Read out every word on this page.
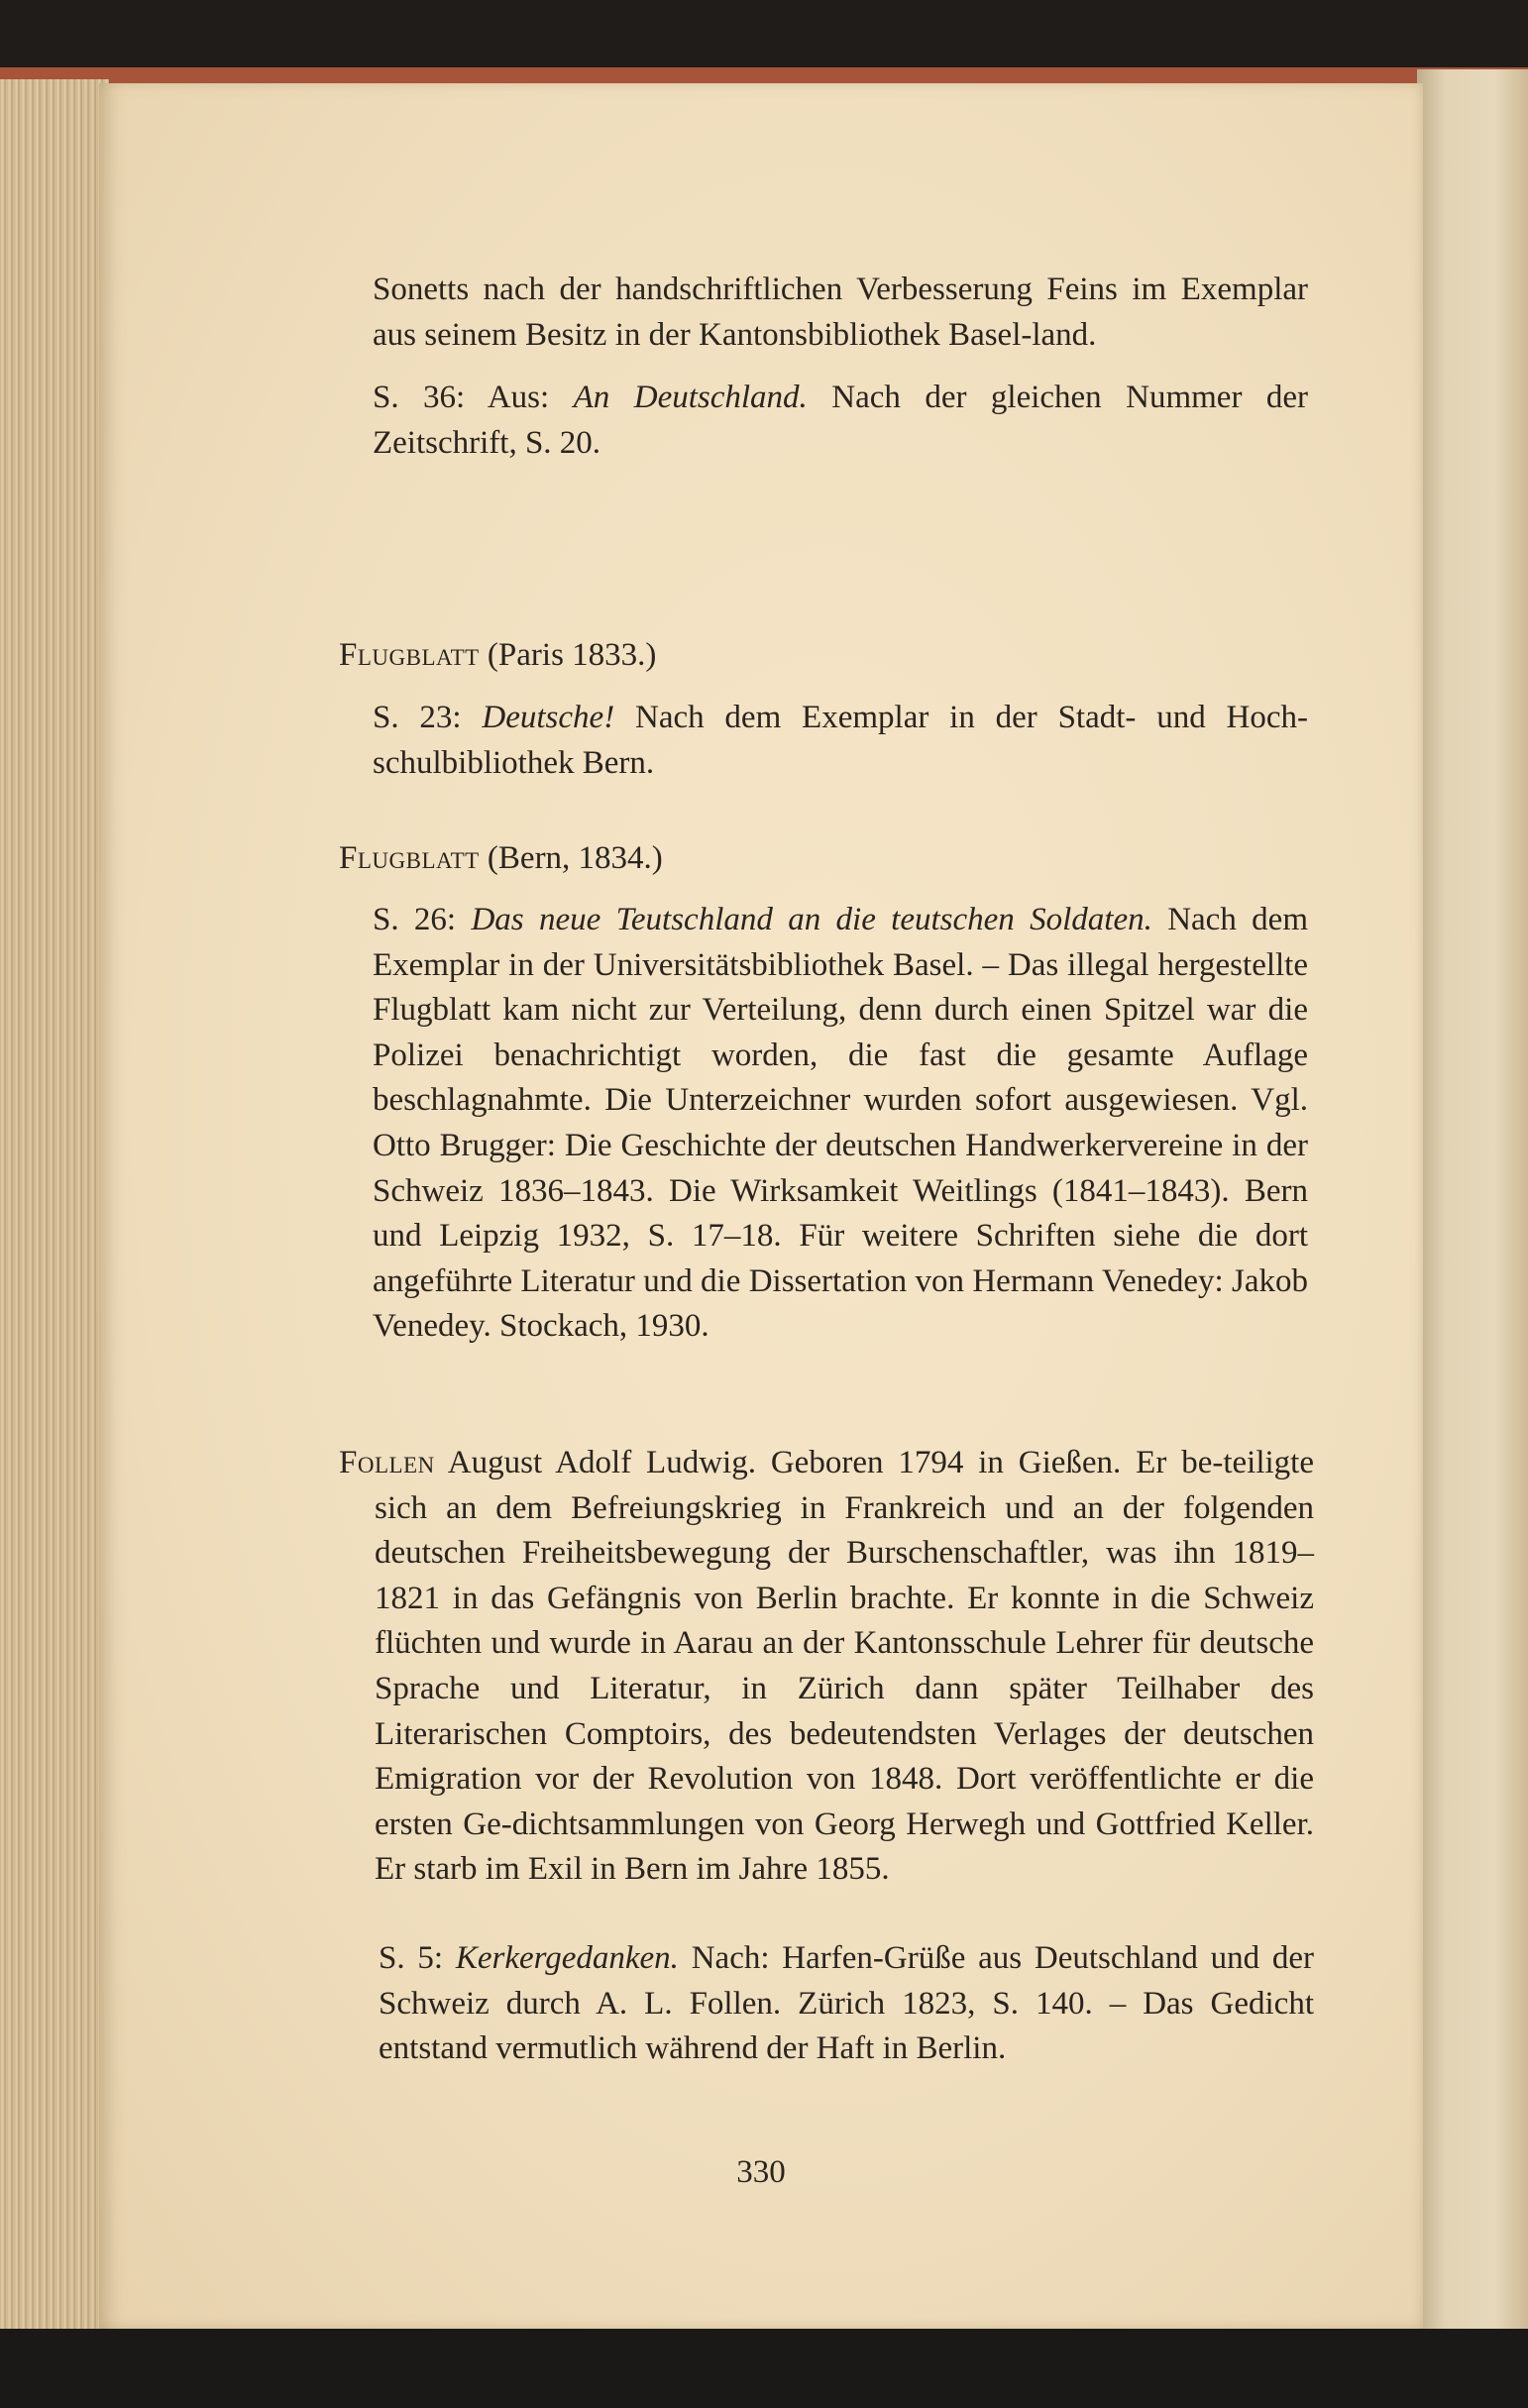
Sonetts nach der handschriftlichen Verbesserung Feins im Exemplar aus seinem Besitz in der Kantonsbibliothek Basel-land.

S. 36: Aus: An Deutschland. Nach der gleichen Nummer der Zeitschrift, S. 20.

Flugblatt (Paris 1833.)

S. 23: Deutsche! Nach dem Exemplar in der Stadt- und Hoch-schulbibliothek Bern.

Flugblatt (Bern, 1834.)

S. 26: Das neue Teutschland an die teutschen Soldaten. Nach dem Exemplar in der Universitätsbibliothek Basel. – Das illegal hergestellte Flugblatt kam nicht zur Verteilung, denn durch einen Spitzel war die Polizei benachrichtigt worden, die fast die gesamte Auflage beschlagnahmte. Die Unterzeichner wurden sofort ausgewiesen. Vgl. Otto Brugger: Die Geschichte der deutschen Handwerkervereine in der Schweiz 1836–1843. Die Wirksamkeit Weitlings (1841–1843). Bern und Leipzig 1932, S. 17–18. Für weitere Schriften siehe die dort angeführte Literatur und die Dissertation von Hermann Venedey: Jakob Venedey. Stockach, 1930.

Follen August Adolf Ludwig. Geboren 1794 in Gießen. Er be-teiligte sich an dem Befreiungskrieg in Frankreich und an der folgenden deutschen Freiheitsbewegung der Burschenschaftler, was ihn 1819–1821 in das Gefängnis von Berlin brachte. Er konnte in die Schweiz flüchten und wurde in Aarau an der Kantonsschule Lehrer für deutsche Sprache und Literatur, in Zürich dann später Teilhaber des Literarischen Comptoirs, des bedeutendsten Verlages der deutschen Emigration vor der Revolution von 1848. Dort veröffentlichte er die ersten Ge-dichtsammlungen von Georg Herwegh und Gottfried Keller. Er starb im Exil in Bern im Jahre 1855.

S. 5: Kerkergedanken. Nach: Harfen-Grüße aus Deutschland und der Schweiz durch A. L. Follen. Zürich 1823, S. 140. – Das Gedicht entstand vermutlich während der Haft in Berlin.

330
